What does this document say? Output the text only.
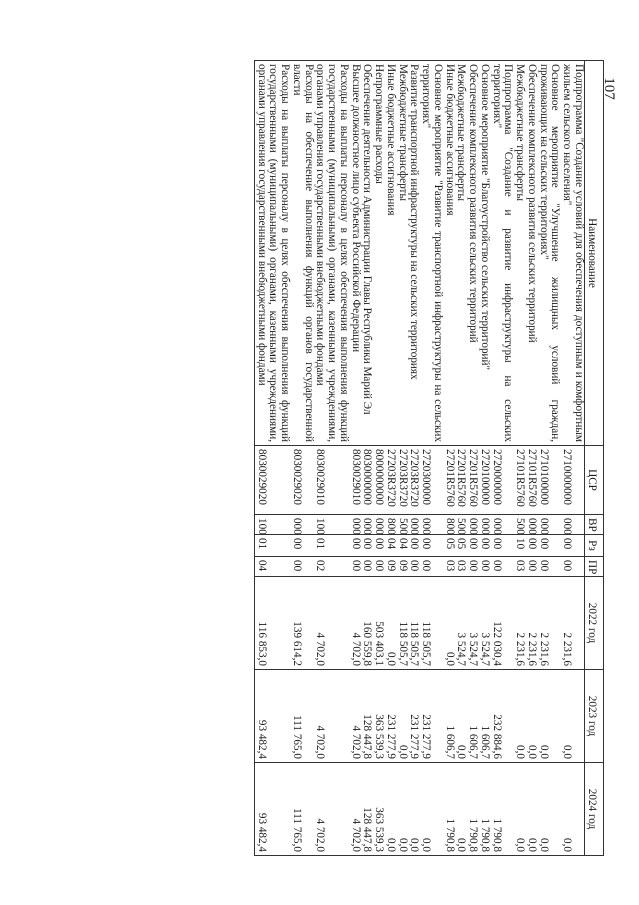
107
Наименование	ЦСР	ВР	Рз	ПР	2022 год	2023 год	2024 год
Подпрограмма "Создание условий для обеспечения доступным и комфортным жильем сельского населения"	2710000000	000	00	00	2 231,6	0,0	0,0
Основное мероприятие "Улучшение жилищных условий граждан, проживающих на сельских территориях"	2710100000	000	00	00	2 231,6	0,0	0,0
Обеспечение комплексного развития сельских территорий	27101R5760	000	00	00	2 231,6	0,0	0,0
Межбюджетные трансферты	27101R5760	500	10	03	2 231,6	0,0	0,0
Подпрограмма "Создание и развитие инфраструктуры на сельских территориях"	2720000000	000	00	00	122 030,4	232 884,6	1 790,8
Основное мероприятие "Благоустройство сельских территорий"	2720100000	000	00	00	3 524,7	1 606,7	1 790,8
Обеспечение комплексного развития сельских территорий	27201R5760	000	00	00	3 524,7	1 606,7	1 790,8
Межбюджетные трансферты	27201R5760	500	05	03	3 524,7	0,0	0,0
Иные бюджетные ассигнования	27201R5760	800	05	03	0,0	1 606,7	1 790,8
Основное мероприятие "Развитие транспортной инфраструктуры на сельских территориях"	2720300000	000	00	00	118 505,7	231 277,9	0,0
Развитие транспортной инфраструктуры на сельских территориях	27203R3720	000	00	00	118 505,7	231 277,9	0,0
Межбюджетные трансферты	27203R3720	500	04	09	118 505,7	0,0	0,0
Иные бюджетные ассигнования	27203R3720	800	04	09	0,0	231 277,9	0,0
Непрограммные расходы	8000000000	000	00	00	503 403,1	363 539,3	363 539,3
Обеспечение деятельности Администрации Главы Республики Марий Эл	8030000000	000	00	00	160 559,8	128 447,8	128 447,8
Высшее должностное лицо субъекта Российской Федерации	8030029010	000	00	00	4 702,0	4 702,0	4 702,0
Расходы на выплаты персоналу в целях обеспечения выполнения функций государственными (муниципальными) органами, казенными учреждениями, органами управления государственными внебюджетными фондами	8030029010	100	01	02	4 702,0	4 702,0	4 702,0
Расходы на обеспечение выполнения функций органов государственной власти	8030029020	000	00	00	139 614,2	111 765,0	111 765,0
Расходы на выплаты персоналу в целях обеспечения выполнения функций государственными (муниципальными) органами, казенными учреждениями, органами управления государственными внебюджетными фондами	8030029020	100	01	04	116 853,0	93 482,4	93 482,4
